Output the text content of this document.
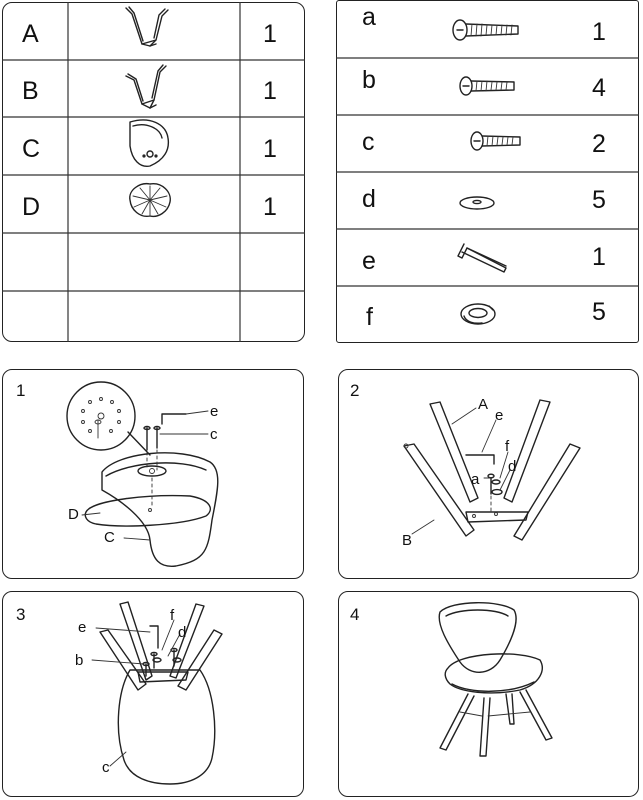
A
B
C
D
1
1
1
1
a
b
c
d
e
f
1
4
2
5
1
5
1
e
c
D
C
2
A
e
f
a
d
B
3
e
f
d
b
c
4
